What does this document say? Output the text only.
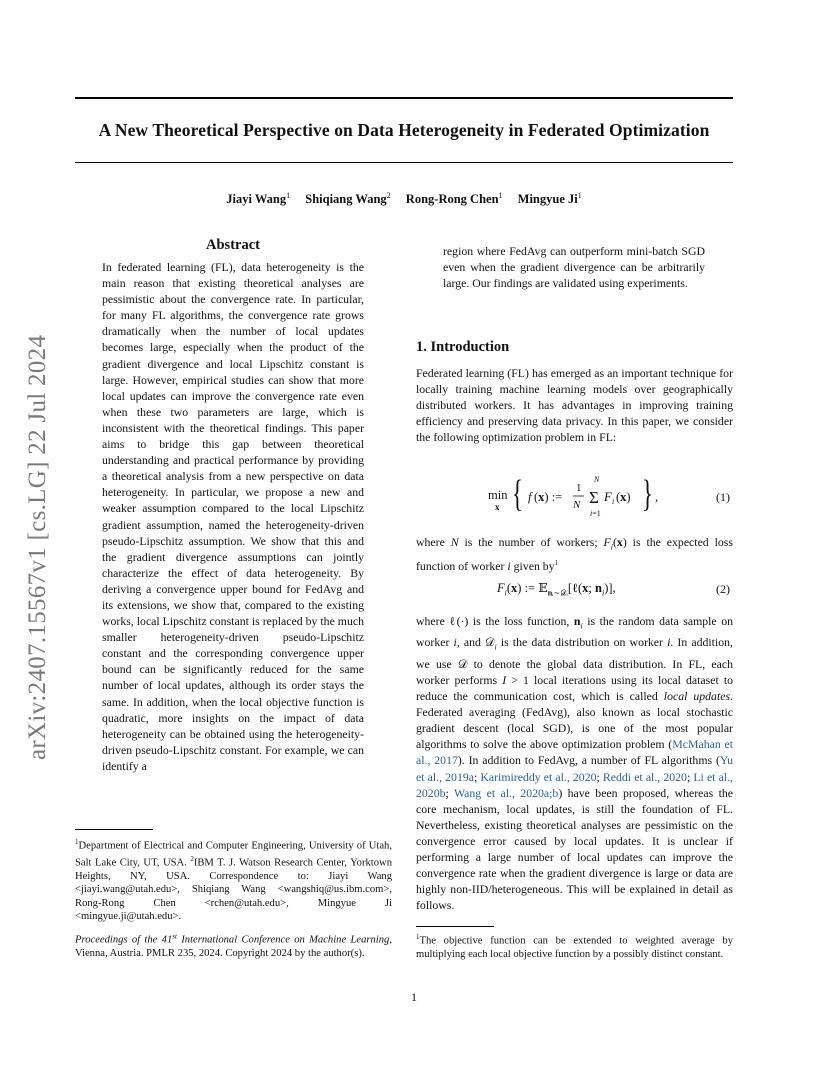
arXiv:2407.15567v1 [cs.LG] 22 Jul 2024
A New Theoretical Perspective on Data Heterogeneity in Federated Optimization
Jiayi Wang$^1$ Shiqiang Wang$^2$ Rong-Rong Chen$^1$ Mingyue Ji$^1$
Abstract

In federated learning (FL), data heterogeneity is the main reason that existing theoretical analyses are pessimistic about the convergence rate. In particular, for many FL algorithms, the convergence rate grows dramatically when the number of local updates becomes large, especially when the product of the gradient divergence and local Lipschitz constant is large. However, empirical studies can show that more local updates can improve the convergence rate even when these two parameters are large, which is inconsistent with the theoretical findings. This paper aims to bridge this gap between theoretical understanding and practical performance by providing a theoretical analysis from a new perspective on data heterogeneity. In particular, we propose a new and weaker assumption compared to the local Lipschitz gradient assumption, named the heterogeneity-driven pseudo-Lipschitz assumption. We show that this and the gradient divergence assumptions can jointly characterize the effect of data heterogeneity. By deriving a convergence upper bound for FedAvg and its extensions, we show that, compared to the existing works, local Lipschitz constant is replaced by the much smaller heterogeneity-driven pseudo-Lipschitz constant and the corresponding convergence upper bound can be significantly reduced for the same number of local updates, although its order stays the same. In addition, when the local objective function is quadratic, more insights on the impact of data heterogeneity can be obtained using the heterogeneity-driven pseudo-Lipschitz constant. For example, we can identify a

$^1$Department of Electrical and Computer Engineering, University of Utah, Salt Lake City, UT, USA. $^2$IBM T. J. Watson Research Center, Yorktown Heights, NY, USA. Correspondence to: Jiayi Wang <jiayi.wang@utah.edu>, Shiqiang Wang <wangshiq@us.ibm.com>, Rong-Rong Chen <rchen@utah.edu>, Mingyue Ji <mingyue.ji@utah.edu>.

Proceedings of the 41st International Conference on Machine Learning, Vienna, Austria. PMLR 235, 2024. Copyright 2024 by the author(s).

region where FedAvg can outperform mini-batch SGD even when the gradient divergence can be arbitrarily large. Our findings are validated using experiments.

1. Introduction

Federated learning (FL) has emerged as an important technique for locally training machine learning models over geographically distributed workers. It has advantages in improving training efficiency and preserving data privacy. In this paper, we consider the following optimization problem in FL:

min
x { f (x) :=
1
N
N
Σ
i=1
F i (x) } ,	(1)

where N is the number of workers; $F_i(x)$ is the expected loss function of worker i given $by^1$

$F_i(x)$ := 𝔼$_{nᵢ\sim 𝒟ᵢ}$[ℓ(x; $n_i$)],	(2)

where ℓ(·) is the loss function, $n_i$ is the random data sample on worker i, and 𝒟$_i$ is the data distribution on worker i. In addition, we use 𝒟 to denote the global data distribution. In FL, each worker performs I > 1 local iterations using its local dataset to reduce the communication cost, which is called local updates. Federated averaging (FedAvg), also known as local stochastic gradient descent (local SGD), is one of the most popular algorithms to solve the above optimization problem (McMahan et al., 2017). In addition to FedAvg, a number of FL algorithms (Yu et al., 2019a; Karimireddy et al., 2020; Reddi et al., 2020; Li et al., 2020b; Wang et al., 2020a;b) have been proposed, whereas the core mechanism, local updates, is still the foundation of FL. Nevertheless, existing theoretical analyses are pessimistic on the convergence error caused by local updates. It is unclear if performing a large number of local updates can improve the convergence rate when the gradient divergence is large or data are highly non-IID/heterogeneous. This will be explained in detail as follows.

$^1$The objective function can be extended to weighted average by multiplying each local objective function by a possibly distinct constant.

1
